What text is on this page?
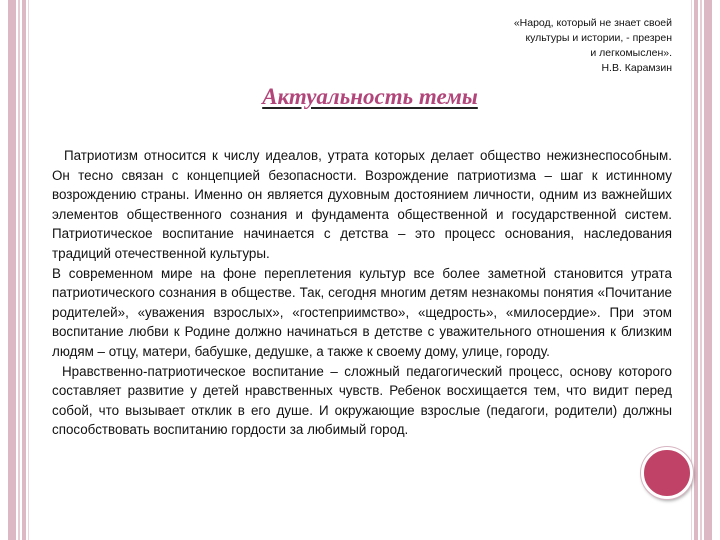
«Народ, который не знает своей
культуры и истории, - презрен
и легкомыслен».
Н.В. Карамзин
Актуальность темы

Патриотизм относится к числу идеалов, утрата которых делает общество нежизнеспособным. Он тесно связан с концепцией безопасности. Возрождение патриотизма – шаг к истинному возрождению страны. Именно он является духовным достоянием личности, одним из важнейших элементов общественного сознания и фундамента общественной и государственной систем. Патриотическое воспитание начинается с детства – это процесс основания, наследования традиций отечественной культуры.

В современном мире на фоне переплетения культур все более заметной становится утрата патриотического сознания в обществе. Так, сегодня многим детям незнакомы понятия «Почитание родителей», «уважения взрослых», «гостеприимство», «щедрость», «милосердие». При этом воспитание любви к Родине должно начинаться в детстве с уважительного отношения к близким людям – отцу, матери, бабушке, дедушке, а также к своему дому, улице, городу.

Нравственно-патриотическое воспитание – сложный педагогический процесс, основу которого составляет развитие у детей нравственных чувств. Ребенок восхищается тем, что видит перед собой, что вызывает отклик в его душе. И окружающие взрослые (педагоги, родители) должны способствовать воспитанию гордости за любимый город.
